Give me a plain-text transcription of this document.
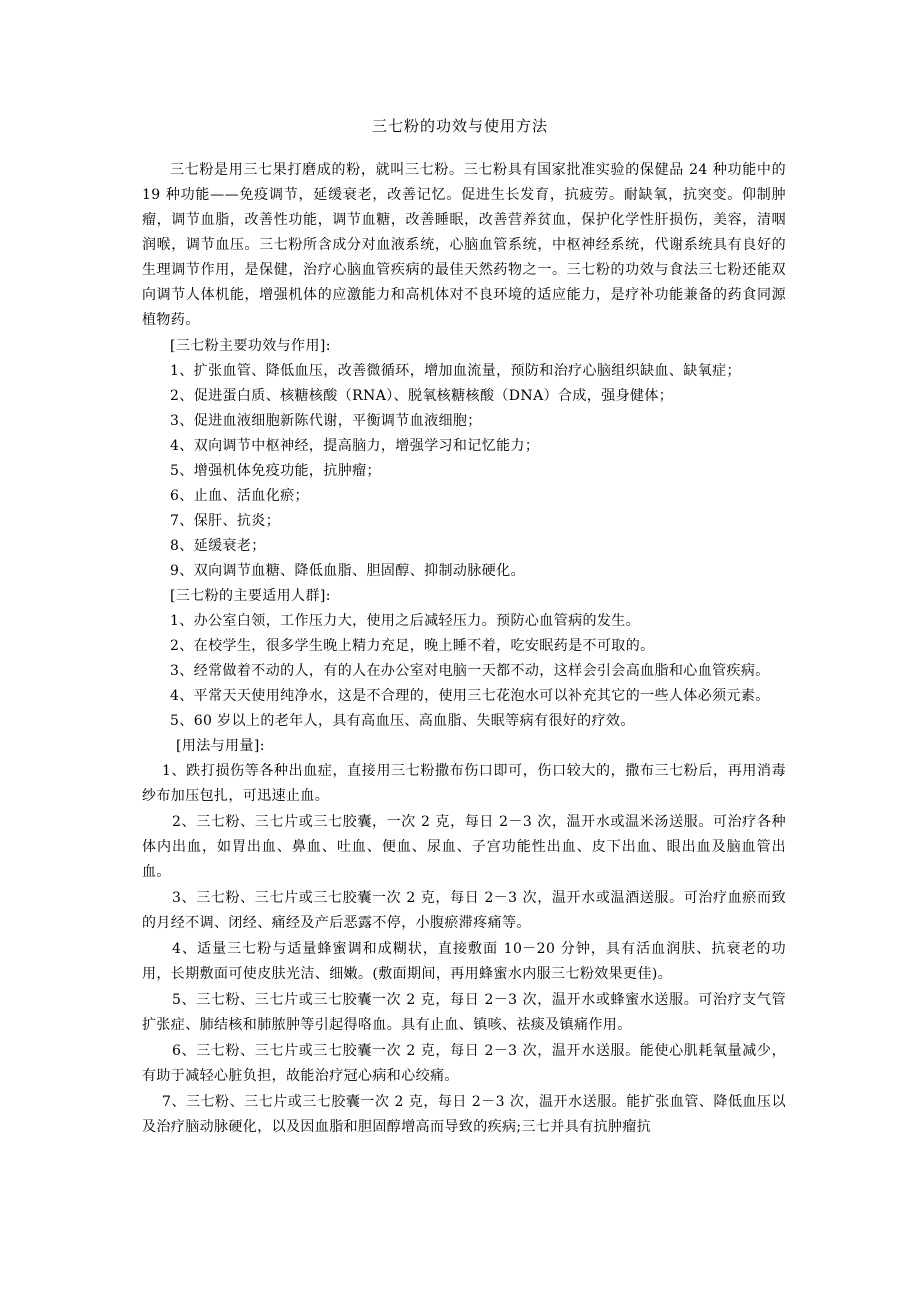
三七粉的功效与使用方法

三七粉是用三七果打磨成的粉，就叫三七粉。三七粉具有国家批准实验的保健品 24 种功能中的 19 种功能——免疫调节，延缓衰老，改善记忆。促进生长发育，抗疲劳。耐缺氧，抗突变。仰制肿瘤，调节血脂，改善性功能，调节血糖，改善睡眠，改善营养贫血，保护化学性肝损伤，美容，清咽润喉，调节血压。三七粉所含成分对血液系统，心脑血管系统，中枢神经系统，代谢系统具有良好的生理调节作用，是保健，治疗心脑血管疾病的最佳天然药物之一。三七粉的功效与食法三七粉还能双向调节人体机能，增强机体的应激能力和高机体对不良环境的适应能力，是疗补功能兼备的药食同源植物药。

[三七粉主要功效与作用]:

1、扩张血管、降低血压，改善微循环，增加血流量，预防和治疗心脑组织缺血、缺氧症；

2、促进蛋白质、核糖核酸（RNA）、脱氧核糖核酸（DNA）合成，强身健体；

3、促进血液细胞新陈代谢，平衡调节血液细胞；

4、双向调节中枢神经，提高脑力，增强学习和记忆能力；

5、增强机体免疫功能，抗肿瘤；

6、止血、活血化瘀；

7、保肝、抗炎；

8、延缓衰老；

9、双向调节血糖、降低血脂、胆固醇、抑制动脉硬化。

[三七粉的主要适用人群]:

1、办公室白领，工作压力大，使用之后减轻压力。预防心血管病的发生。

2、在校学生，很多学生晚上精力充足，晚上睡不着，吃安眠药是不可取的。

3、经常做着不动的人，有的人在办公室对电脑一天都不动，这样会引会高血脂和心血管疾病。

4、平常天天使用纯净水，这是不合理的，使用三七花泡水可以补充其它的一些人体必须元素。

5、60 岁以上的老年人，具有高血压、高血脂、失眠等病有很好的疗效。

[用法与用量]:

1、跌打损伤等各种出血症，直接用三七粉撒布伤口即可，伤口较大的，撒布三七粉后，再用消毒纱布加压包扎，可迅速止血。

2、三七粉、三七片或三七胶囊，一次 2 克，每日 2－3 次，温开水或温米汤送服。可治疗各种体内出血，如胃出血、鼻血、吐血、便血、尿血、子宫功能性出血、皮下出血、眼出血及脑血管出血。

3、三七粉、三七片或三七胶囊一次 2 克，每日 2－3 次，温开水或温酒送服。可治疗血瘀而致的月经不调、闭经、痛经及产后恶露不停，小腹瘀滞疼痛等。

4、适量三七粉与适量蜂蜜调和成糊状，直接敷面 10－20 分钟，具有活血润肤、抗衰老的功用，长期敷面可使皮肤光洁、细嫩。(敷面期间，再用蜂蜜水内服三七粉效果更佳)。

5、三七粉、三七片或三七胶囊一次 2 克，每日 2－3 次，温开水或蜂蜜水送服。可治疗支气管扩张症、肺结核和肺脓肿等引起得咯血。具有止血、镇咳、祛痰及镇痛作用。

6、三七粉、三七片或三七胶囊一次 2 克，每日 2－3 次，温开水送服。能使心肌耗氧量减少，有助于减轻心脏负担，故能治疗冠心病和心绞痛。

7、三七粉、三七片或三七胶囊一次 2 克，每日 2－3 次，温开水送服。能扩张血管、降低血压以及治疗脑动脉硬化，以及因血脂和胆固醇增高而导致的疾病;三七并具有抗肿瘤抗
